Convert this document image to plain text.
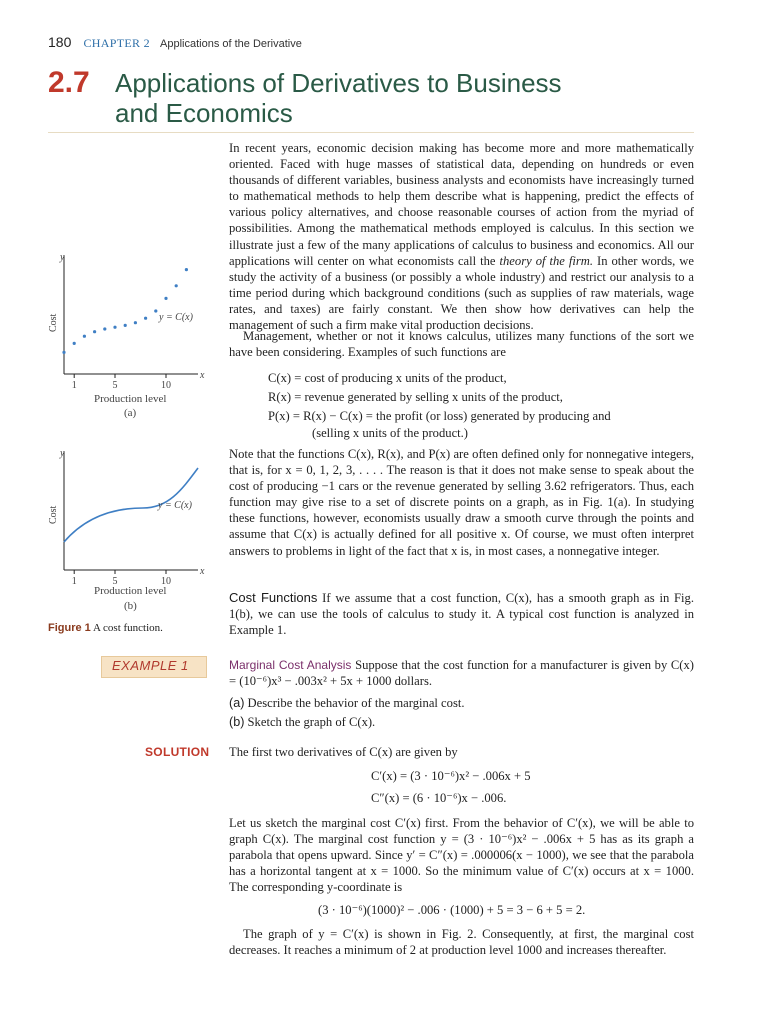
180 CHAPTER 2 Applications of the Derivative
2.7 Applications of Derivatives to Business
and Economics
y
x
Cost	y = C(x)
1	5	10
Production level
(a)
y
x
Cost
y = C(x)
1	5	10
Production level
(b)
Figure 1 A cost function.

In recent years, economic decision making has become more and more mathematically oriented. Faced with huge masses of statistical data, depending on hundreds or even thousands of different variables, business analysts and economists have increasingly turned to mathematical methods to help them describe what is happening, predict the effects of various policy alternatives, and choose reasonable courses of action from the myriad of possibilities. Among the mathematical methods employed is calculus. In this section we illustrate just a few of the many applications of calculus to business and economics. All our applications will center on what economists call the theory of the firm. In other words, we study the activity of a business (or possibly a whole industry) and restrict our analysis to a time period during which background conditions (such as supplies of raw materials, wage rates, and taxes) are fairly constant. We then show how derivatives can help the management of such a firm make vital production decisions.

Management, whether or not it knows calculus, utilizes many functions of the sort we have been considering. Examples of such functions are

C(x) = cost of producing x units of the product,
R(x) = revenue generated by selling x units of the product,
P(x) = R(x) − C(x) = the profit (or loss) generated by producing and
(selling x units of the product.)

Note that the functions C(x), R(x), and P(x) are often defined only for nonnegative integers, that is, for x = 0, 1, 2, 3, . . . . The reason is that it does not make sense to speak about the cost of producing −1 cars or the revenue generated by selling 3.62 refrigerators. Thus, each function may give rise to a set of discrete points on a graph, as in Fig. 1(a). In studying these functions, however, economists usually draw a smooth curve through the points and assume that C(x) is actually defined for all positive x. Of course, we must often interpret answers to problems in light of the fact that x is, in most cases, a nonnegative integer.

Cost Functions If we assume that a cost function, C(x), has a smooth graph as in Fig. 1(b), we can use the tools of calculus to study it. A typical cost function is analyzed in Example 1.

EXAMPLE 1	Marginal Cost Analysis Suppose that the cost function for a manufacturer is given by C(x) = (10⁻⁶)x³ − .003x² + 5x + 1000 dollars.

(a) Describe the behavior of the marginal cost.

(b) Sketch the graph of C(x).

SOLUTION The first two derivatives of C(x) are given by

C′(x) = (3 · 10⁻⁶)x² − .006x + 5
C″(x) = (6 · 10⁻⁶)x − .006.

Let us sketch the marginal cost C′(x) first. From the behavior of C′(x), we will be able to graph C(x). The marginal cost function y = (3 · 10⁻⁶)x² − .006x + 5 has as its graph a parabola that opens upward. Since y′ = C″(x) = .000006(x − 1000), we see that the parabola has a horizontal tangent at x = 1000. So the minimum value of C′(x) occurs at x = 1000. The corresponding y-coordinate is

(3 · 10⁻⁶)(1000)² − .006 · (1000) + 5 = 3 − 6 + 5 = 2.

The graph of y = C′(x) is shown in Fig. 2. Consequently, at first, the marginal cost decreases. It reaches a minimum of 2 at production level 1000 and increases thereafter.
